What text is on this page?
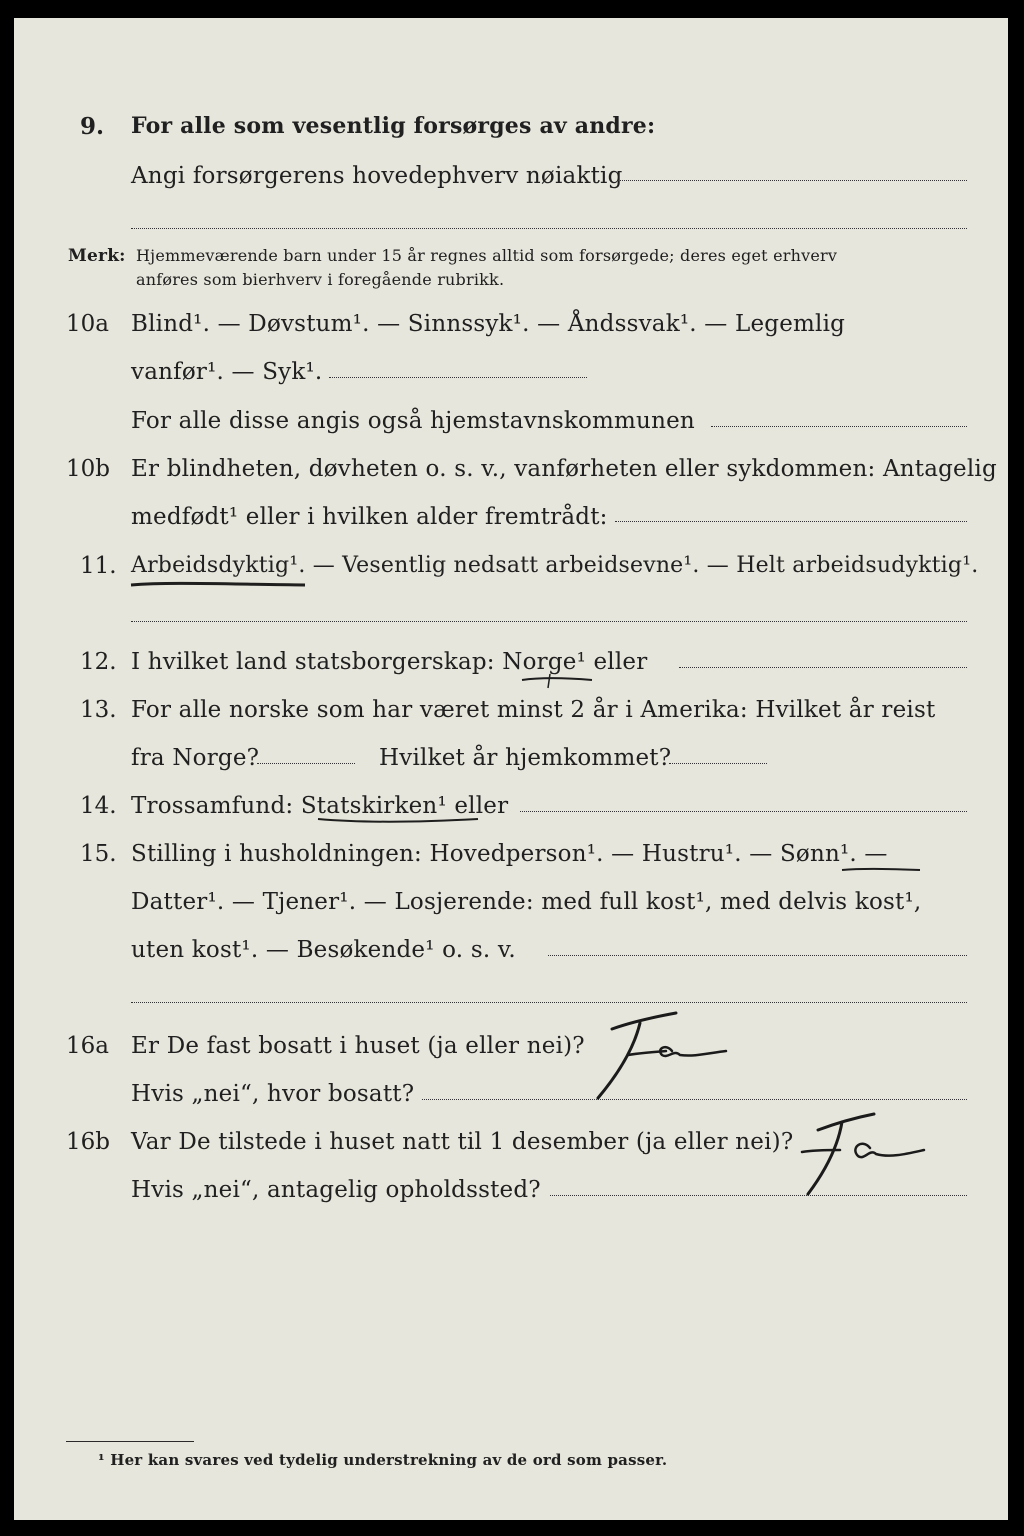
9. For alle som vesentlig forsørges av andre:
Angi forsørgerens hovedерhverv nøiaktig
Merk: Hjemmeværende barn under 15 år regnes alltid som forsørgede; deres eget erhverv
anføres som bierhverv i foregående rubrikk.
10a Blind¹. — Døvstum¹. — Sinnssyk¹. — Åndssvak¹. — Legemlig
vanfør¹. — Syk¹.
For alle disse angis også hjemstavnskommunen
10b Er blindheten, døvheten o. s. v., vanførheten eller sykdommen: Antagelig
medfødt¹ eller i hvilken alder fremtrådt:
11. Arbeidsdyktig¹. — Vesentlig nedsatt arbeidsevne¹. — Helt arbeidsudyktig¹.
12. I hvilket land statsborgerskap: Norge¹ eller
13. For alle norske som har været minst 2 år i Amerika: Hvilket år reist
fra Norge?	Hvilket år hjemkommet?
14. Trossamfund: Statskirken¹ eller
15. Stilling i husholdningen: Hovedperson¹. — Hustru¹. — Sønn¹. —
Datter¹. — Tjener¹. — Losjerende: med full kost¹, med delvis kost¹,
uten kost¹. — Besøkende¹ o. s. v.
16a Er De fast bosatt i huset (ja eller nei)?
Hvis „nei“, hvor bosatt?
16b Var De tilstede i huset natt til 1 desember (ja eller nei)?
Hvis „nei“, antagelig opholdssted?
¹ Her kan svares ved tydelig understrekning av de ord som passer.
